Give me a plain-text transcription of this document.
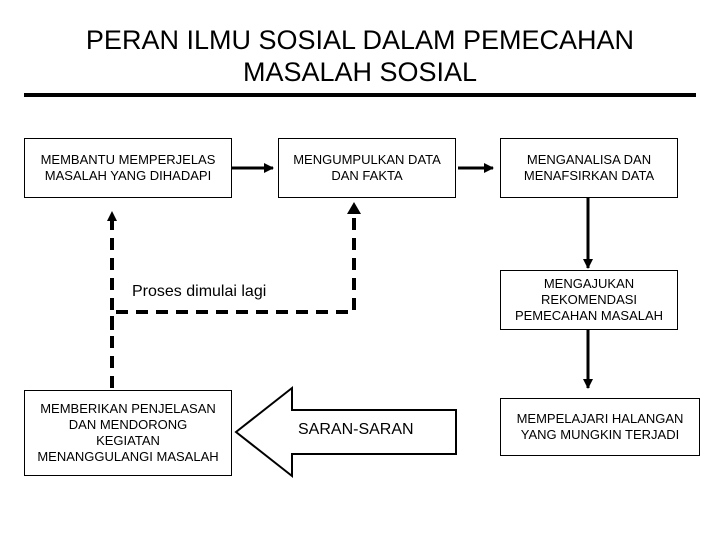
PERAN ILMU SOSIAL DALAM PEMECAHAN
MASALAH SOSIAL
MEMBANTU MEMPERJELAS
MASALAH YANG DIHADAPI
MENGUMPULKAN DATA
DAN FAKTA
MENGANALISA DAN
MENAFSIRKAN DATA
MENGAJUKAN
REKOMENDASI
PEMECAHAN MASALAH
MEMPELAJARI HALANGAN
YANG MUNGKIN TERJADI
MEMBERIKAN PENJELASAN
DAN MENDORONG
KEGIATAN
MENANGGULANGI MASALAH
SARAN-SARAN
Proses dimulai lagi
